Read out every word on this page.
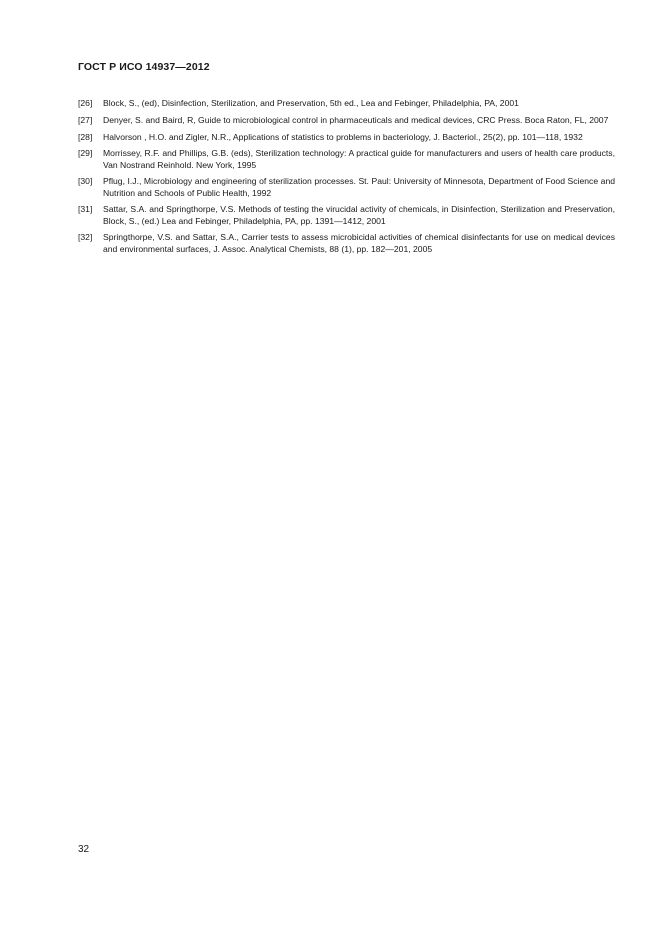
ГОСТ Р ИСО 14937—2012
[26]	Block, S., (ed), Disinfection, Sterilization, and Preservation, 5th ed., Lea and Febinger, Philadelphia, PA, 2001
[27]	Denyer, S. and Baird, R, Guide to microbiological control in pharmaceuticals and medical devices, CRC Press. Boca Raton, FL, 2007
[28]	Halvorson , H.O. and Zigler, N.R., Applications of statistics to problems in bacteriology, J. Bacteriol., 25(2), pp. 101—118, 1932
[29]	Morrissey, R.F. and Phillips, G.B. (eds), Sterilization technology: A practical guide for manufacturers and users of health care products, Van Nostrand Reinhold. New York, 1995
[30]	Pflug, I.J., Microbiology and engineering of sterilization processes. St. Paul: University of Minnesota, Department of Food Science and Nutrition and Schools of Public Health, 1992
[31]	Sattar, S.A. and Springthorpe, V.S. Methods of testing the virucidal activity of chemicals, in Disinfection, Sterilization and Preservation, Block, S., (ed.) Lea and Febinger, Philadelphia, PA, pp. 1391—1412, 2001
[32]	Springthorpe, V.S. and Sattar, S.A., Carrier tests to assess microbicidal activities of chemical disinfectants for use on medical devices and environmental surfaces, J. Assoc. Analytical Chemists, 88 (1), pp. 182—201, 2005
32
